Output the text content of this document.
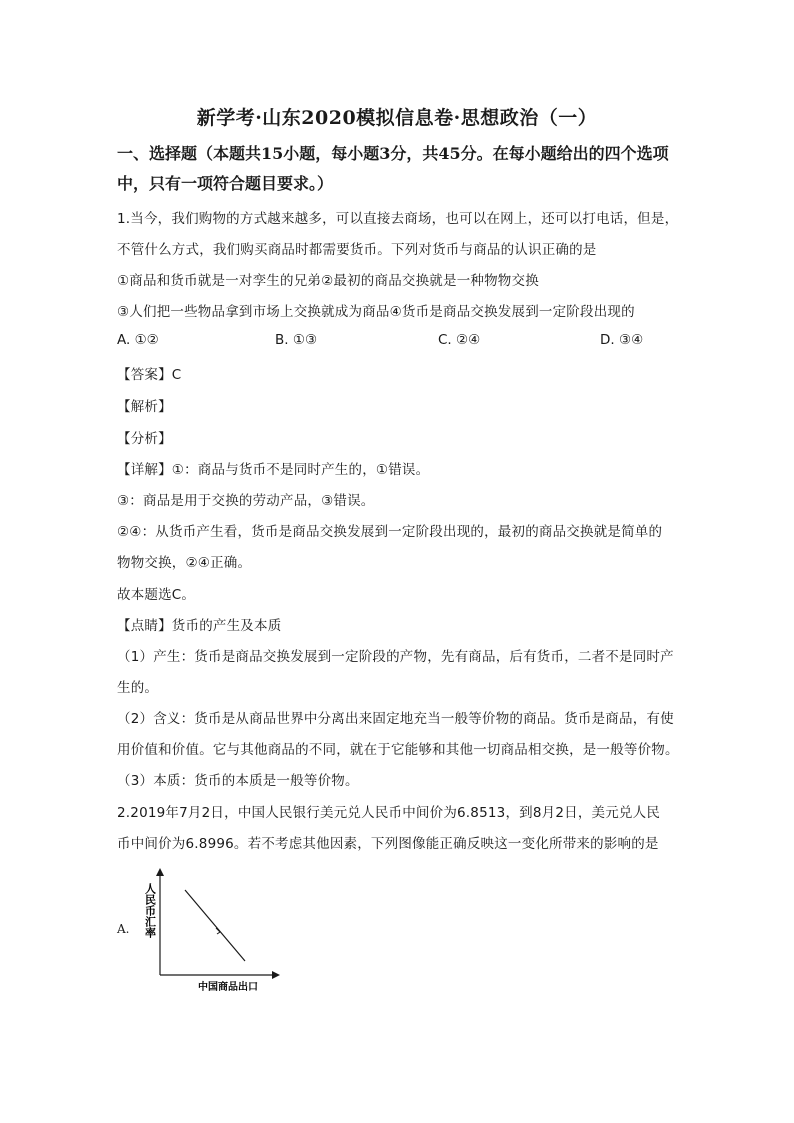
新学考·山东2020模拟信息卷·思想政治（一）
一、选择题（本题共15小题，每小题3分，共45分。在每小题给出的四个选项
中，只有一项符合题目要求。）
1.当今，我们购物的方式越来越多，可以直接去商场，也可以在网上，还可以打电话，但是，
不管什么方式，我们购买商品时都需要货币。下列对货币与商品的认识正确的是
①商品和货币就是一对孪生的兄弟②最初的商品交换就是一种物物交换
③人们把一些物品拿到市场上交换就成为商品④货币是商品交换发展到一定阶段出现的
A. ①②	B. ①③	C. ②④	D. ③④
【答案】C
【解析】
【分析】
【详解】①：商品与货币不是同时产生的，①错误。
③：商品是用于交换的劳动产品，③错误。
②④：从货币产生看，货币是商品交换发展到一定阶段出现的，最初的商品交换就是简单的
物物交换，②④正确。
故本题选C。
【点睛】货币的产生及本质
（1）产生：货币是商品交换发展到一定阶段的产物，先有商品，后有货币，二者不是同时产
生的。
（2）含义：货币是从商品世界中分离出来固定地充当一般等价物的商品。货币是商品，有使
用价值和价值。它与其他商品的不同，就在于它能够和其他一切商品相交换，是一般等价物。
（3）本质：货币的本质是一般等价物。
2.2019年7月2日，中国人民银行美元兑人民币中间价为6.8513，到8月2日，美元兑人民
币中间价为6.8996。若不考虑其他因素，下列图像能正确反映这一变化所带来的影响的是
A. 人民币汇率
中国商品出口
